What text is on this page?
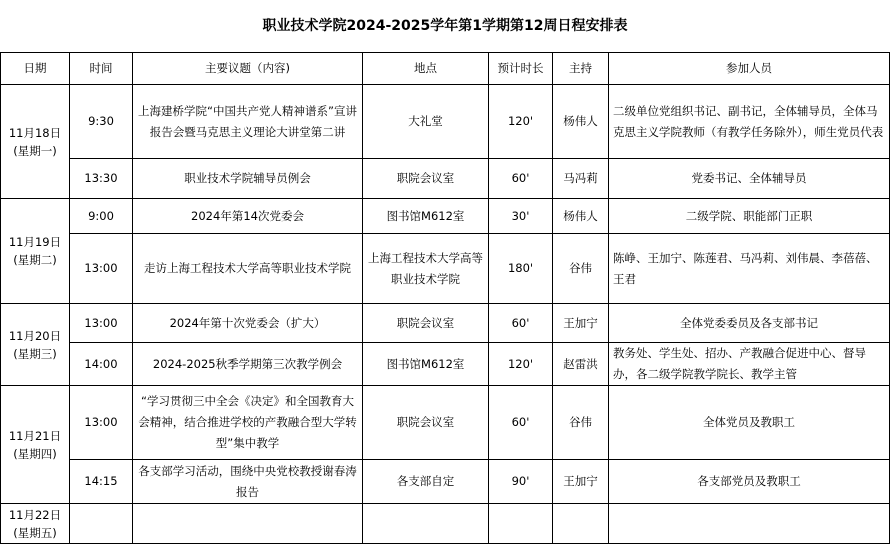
职业技术学院2024-2025学年第1学期第12周日程安排表
日期	时间	主要议题（内容)	地点	预计时长	主持	参加人员
11月18日
(星期一)	9:30	上海建桥学院“中国共产党人精神谱系”宣讲报告会暨马克思主义理论大讲堂第二讲	大礼堂	120'	杨伟人	二级单位党组织书记、副书记，全体辅导员，全体马克思主义学院教师（有教学任务除外），师生党员代表
	13:30	职业技术学院辅导员例会	职院会议室	60'	马冯莉	党委书记、全体辅导员
11月19日
(星期二)	9:00	2024年第14次党委会	图书馆M612室	30'	杨伟人	二级学院、职能部门正职
	13:00	走访上海工程技术大学高等职业技术学院	上海工程技术大学高等职业技术学院	180'	谷伟	陈峥、王加宁、陈莲君、马冯莉、刘伟晨、李蓓蓓、王君
11月20日
(星期三)	13:00	2024年第十次党委会（扩大）	职院会议室	60'	王加宁	全体党委委员及各支部书记
	14:00	2024-2025秋季学期第三次教学例会	图书馆M612室	120'	赵雷洪	教务处、学生处、招办、产教融合促进中心、督导办，各二级学院教学院长、教学主管
11月21日
(星期四)	13:00	“学习贯彻三中全会《决定》和全国教育大会精神，结合推进学校的产教融合型大学转型”集中教学	职院会议室	60'	谷伟	全体党员及教职工
	14:15	各支部学习活动，围绕中央党校教授谢春涛报告	各支部自定	90'	王加宁	各支部党员及教职工
11月22日
(星期五)						
